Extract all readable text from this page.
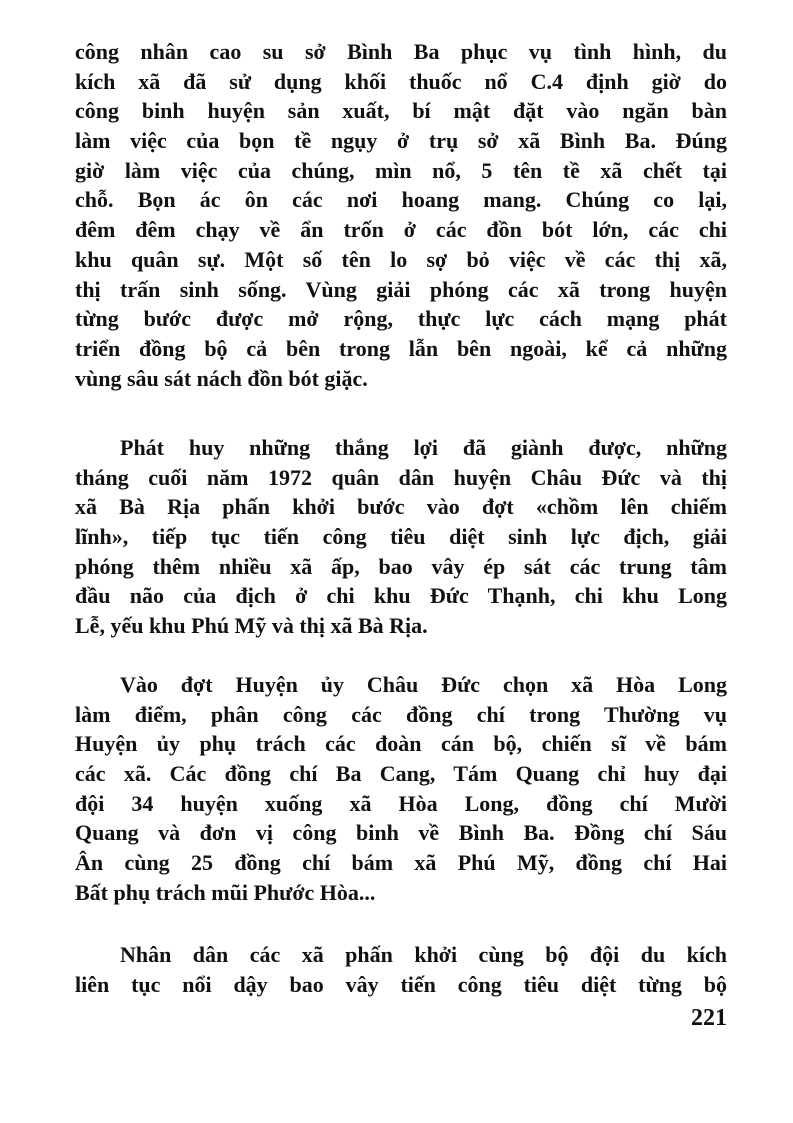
công nhân cao su sở Bình Ba phục vụ tình hình, du
kích xã đã sử dụng khối thuốc nổ C.4 định giờ do
công binh huyện sản xuất, bí mật đặt vào ngăn bàn
làm việc của bọn tề ngụy ở trụ sở xã Bình Ba. Đúng
giờ làm việc của chúng, mìn nổ, 5 tên tề xã chết tại
chỗ. Bọn ác ôn các nơi hoang mang. Chúng co lại,
đêm đêm chạy về ẩn trốn ở các đồn bót lớn, các chi
khu quân sự. Một số tên lo sợ bỏ việc về các thị xã,
thị trấn sinh sống. Vùng giải phóng các xã trong huyện
từng bước được mở rộng, thực lực cách mạng phát
triển đồng bộ cả bên trong lẫn bên ngoài, kể cả những
vùng sâu sát nách đồn bót giặc.
Phát huy những thắng lợi đã giành được, những
tháng cuối năm 1972 quân dân huyện Châu Đức và thị
xã Bà Rịa phấn khởi bước vào đợt «chồm lên chiếm
lĩnh», tiếp tục tiến công tiêu diệt sinh lực địch, giải
phóng thêm nhiều xã ấp, bao vây ép sát các trung tâm
đầu não của địch ở chi khu Đức Thạnh, chi khu Long
Lễ, yếu khu Phú Mỹ và thị xã Bà Rịa.
Vào đợt Huyện ủy Châu Đức chọn xã Hòa Long
làm điểm, phân công các đồng chí trong Thường vụ
Huyện ủy phụ trách các đoàn cán bộ, chiến sĩ về bám
các xã. Các đồng chí Ba Cang, Tám Quang chỉ huy đại
đội 34 huyện xuống xã Hòa Long, đồng chí Mười
Quang và đơn vị công binh về Bình Ba. Đồng chí Sáu
Ân cùng 25 đồng chí bám xã Phú Mỹ, đồng chí Hai
Bất phụ trách mũi Phước Hòa...
Nhân dân các xã phấn khởi cùng bộ đội du kích
liên tục nổi dậy bao vây tiến công tiêu diệt từng bộ
221
